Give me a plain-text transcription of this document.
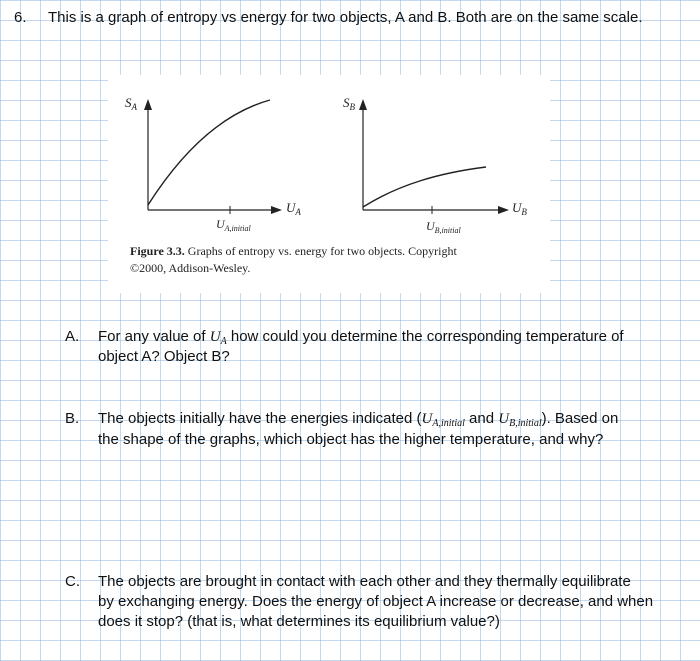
6. This is a graph of entropy vs energy for two objects, A and B. Both are on the same scale.
$S_A$
$U_A$
$U_{A,initial}$
$S_B$
$U_B$
$U_{B,initial}$
Figure 3.3. Graphs of entropy vs. energy for two objects. Copyright
©2000, Addison-Wesley.
A. For any value of $U_A$ how could you determine the corresponding temperature of
object A? Object B?
B. The objects initially have the energies indicated ($U_{A,initial}$ and $U_{B,initial}$). Based on
the shape of the graphs, which object has the higher temperature, and why?
C. The objects are brought in contact with each other and they thermally equilibrate
by exchanging energy. Does the energy of object A increase or decrease, and when
does it stop? (that is, what determines its equilibrium value?)
